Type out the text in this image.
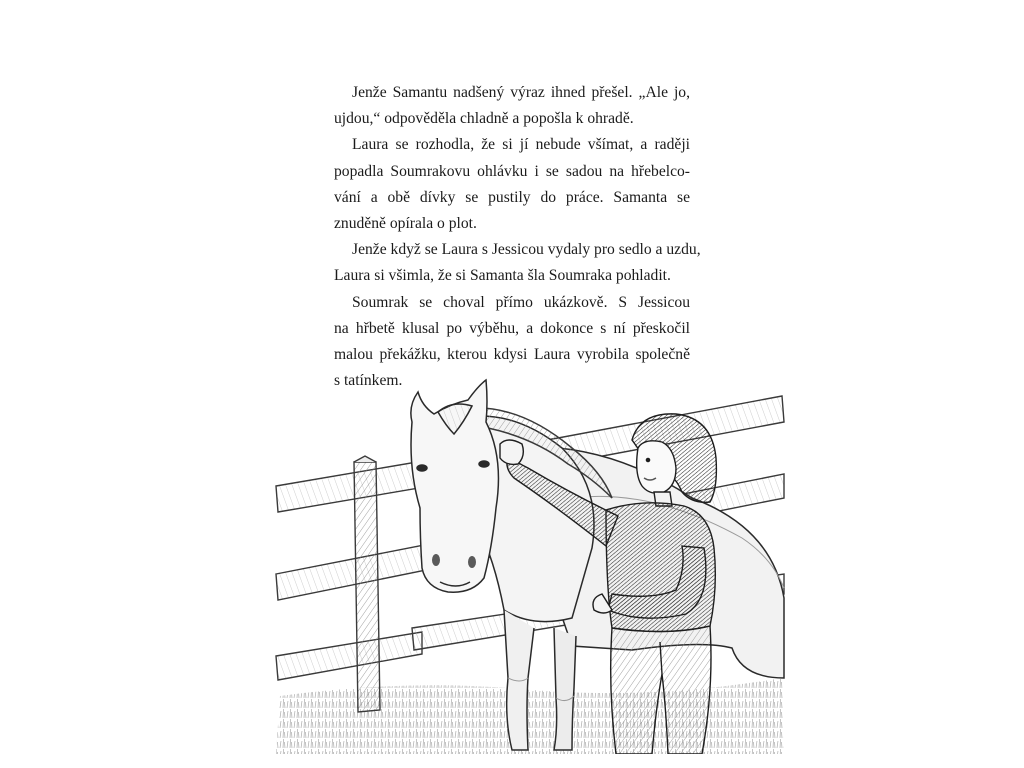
Jenže Samantu nadšený výraz ihned přešel. „Ale jo,
ujdou,“ odpověděla chladně a popošla k ohradě.

Laura se rozhodla, že si jí nebude všímat, a raději
popadla Soumrakovu ohlávku i se sadou na hřebelco-
vání a obě dívky se pustily do práce. Samanta se
znuděně opírala o plot.

Jenže když se Laura s Jessicou vydaly pro sedlo a uzdu,
Laura si všimla, že si Samanta šla Soumraka pohladit.

Soumrak se choval přímo ukázkově. S Jessicou
na hřbetě klusal po výběhu, a dokonce s ní přeskočil
malou překážku, kterou kdysi Laura vyrobila společně
s tatínkem.
